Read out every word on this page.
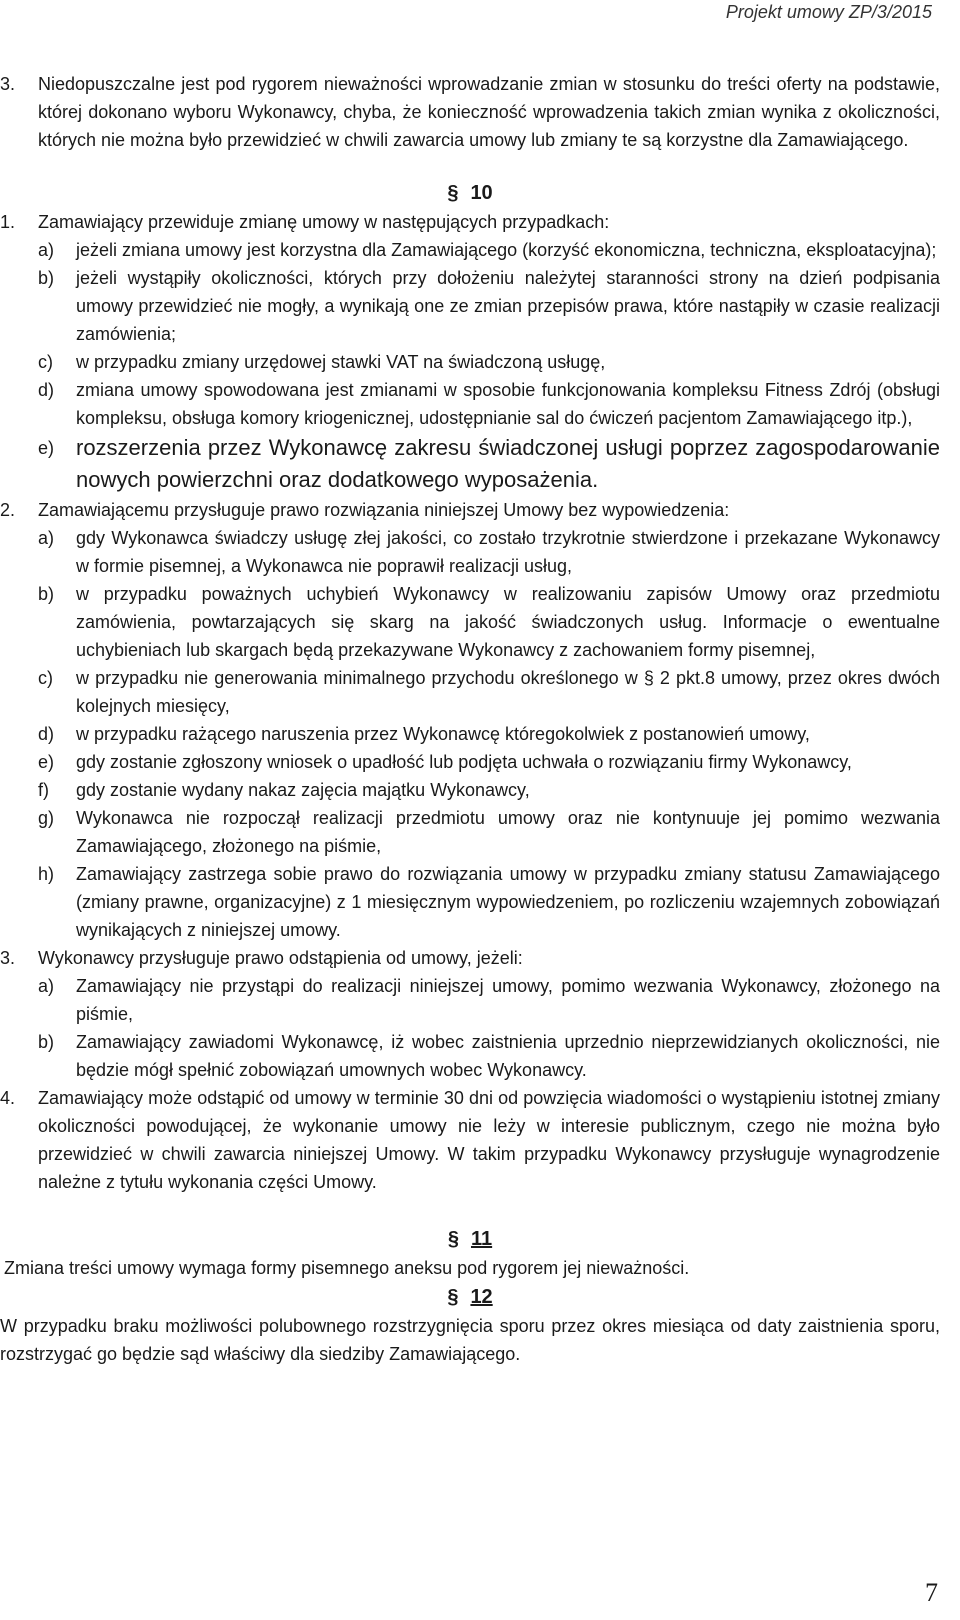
Projekt umowy ZP/3/2015
3. Niedopuszczalne jest pod rygorem nieważności wprowadzanie zmian w stosunku do treści oferty na podstawie, której dokonano wyboru Wykonawcy, chyba, że konieczność wprowadzenia takich zmian wynika z okoliczności, których nie można było przewidzieć w chwili zawarcia umowy lub zmiany te są korzystne dla Zamawiającego.
§ 10
1. Zamawiający przewiduje zmianę umowy w następujących przypadkach:
a) jeżeli zmiana umowy jest korzystna dla Zamawiającego (korzyść ekonomiczna, techniczna, eksploatacyjna);
b) jeżeli wystąpiły okoliczności, których przy dołożeniu należytej staranności strony na dzień podpisania umowy przewidzieć nie mogły, a wynikają one ze zmian przepisów prawa, które nastąpiły w czasie realizacji zamówienia;
c) w przypadku zmiany urzędowej stawki VAT na świadczoną usługę,
d) zmiana umowy spowodowana jest zmianami w sposobie funkcjonowania kompleksu Fitness Zdrój (obsługi kompleksu, obsługa komory kriogenicznej, udostępnianie sal do ćwiczeń pacjentom Zamawiającego itp.),
e) rozszerzenia przez Wykonawcę zakresu świadczonej usługi poprzez zagospodarowanie nowych powierzchni oraz dodatkowego wyposażenia.
2. Zamawiającemu przysługuje prawo rozwiązania niniejszej Umowy bez wypowiedzenia:
a) gdy Wykonawca świadczy usługę złej jakości, co zostało trzykrotnie stwierdzone i przekazane Wykonawcy w formie pisemnej, a Wykonawca nie poprawił realizacji usług,
b) w przypadku poważnych uchybień Wykonawcy w realizowaniu zapisów Umowy oraz przedmiotu zamówienia, powtarzających się skarg na jakość świadczonych usług. Informacje o ewentualne uchybieniach lub skargach będą przekazywane Wykonawcy z zachowaniem formy pisemnej,
c) w przypadku nie generowania minimalnego przychodu określonego w § 2 pkt.8 umowy, przez okres dwóch kolejnych miesięcy,
d) w przypadku rażącego naruszenia przez Wykonawcę któregokolwiek z postanowień umowy,
e) gdy zostanie zgłoszony wniosek o upadłość lub podjęta uchwała o rozwiązaniu firmy Wykonawcy,
f) gdy zostanie wydany nakaz zajęcia majątku Wykonawcy,
g) Wykonawca nie rozpoczął realizacji przedmiotu umowy oraz nie kontynuuje jej pomimo wezwania Zamawiającego, złożonego na piśmie,
h) Zamawiający zastrzega sobie prawo do rozwiązania umowy w przypadku zmiany statusu Zamawiającego (zmiany prawne, organizacyjne) z 1 miesięcznym wypowiedzeniem, po rozliczeniu wzajemnych zobowiązań wynikających z niniejszej umowy.
3. Wykonawcy przysługuje prawo odstąpienia od umowy, jeżeli:
a) Zamawiający nie przystąpi do realizacji niniejszej umowy, pomimo wezwania Wykonawcy, złożonego na piśmie,
b) Zamawiający zawiadomi Wykonawcę, iż wobec zaistnienia uprzednio nieprzewidzianych okoliczności, nie będzie mógł spełnić zobowiązań umownych wobec Wykonawcy.
4. Zamawiający może odstąpić od umowy w terminie 30 dni od powzięcia wiadomości o wystąpieniu istotnej zmiany okoliczności powodującej, że wykonanie umowy nie leży w interesie publicznym, czego nie można było przewidzieć w chwili zawarcia niniejszej Umowy. W takim przypadku Wykonawcy przysługuje wynagrodzenie należne z tytułu wykonania części Umowy.
§ 11
Zmiana treści umowy wymaga formy pisemnego aneksu pod rygorem jej nieważności.
§ 12
W przypadku braku możliwości polubownego rozstrzygnięcia sporu przez okres miesiąca od daty zaistnienia sporu, rozstrzygać go będzie sąd właściwy dla siedziby Zamawiającego.
7
